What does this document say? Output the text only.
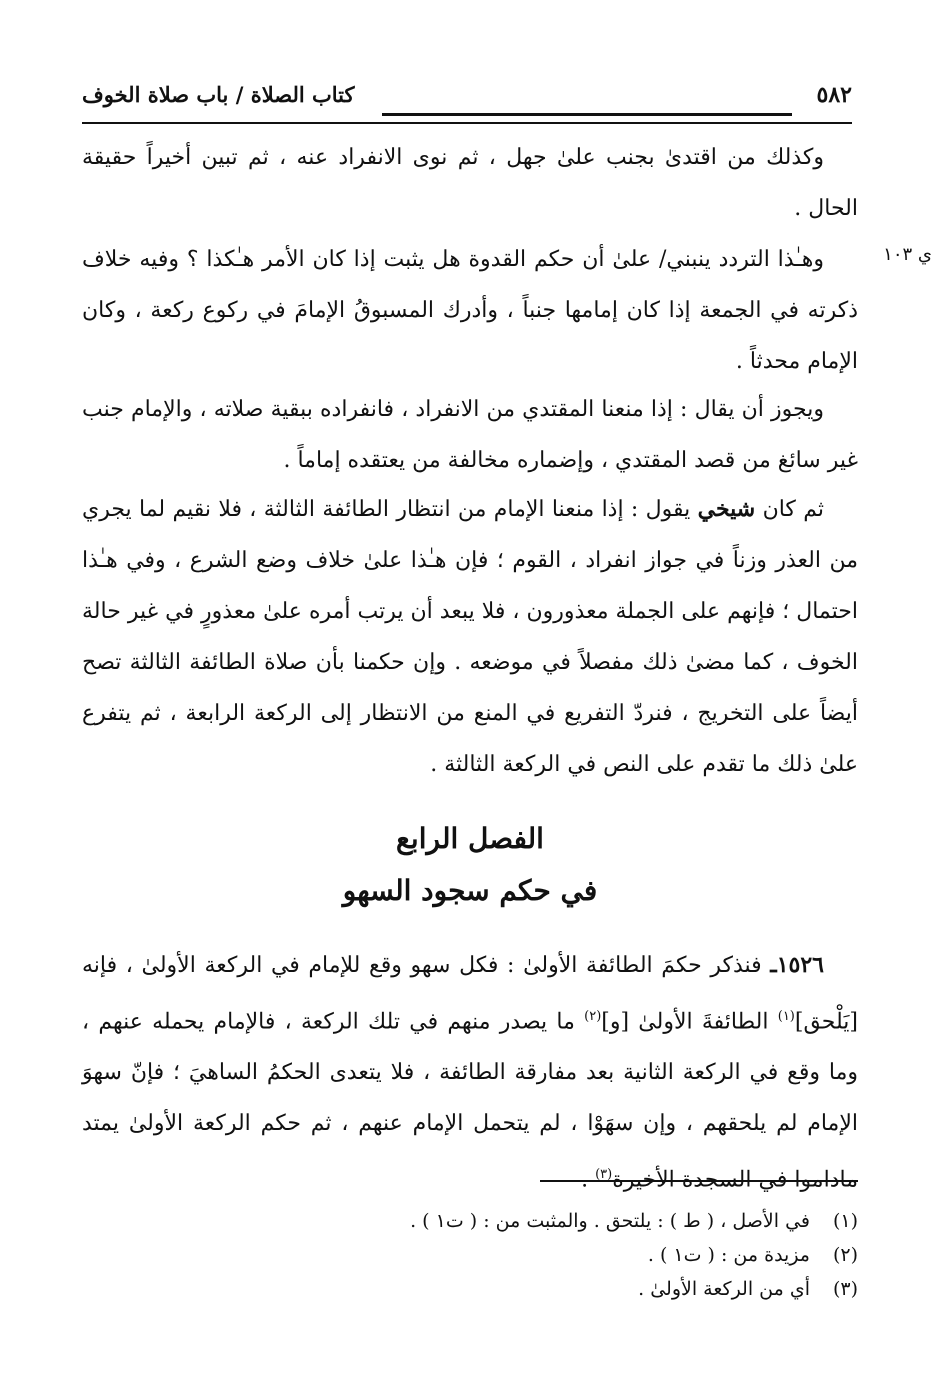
٥٨٢
كتاب الصلاة / باب صلاة الخوف
ي ١٠٣
وكذلك من اقتدىٰ بجنب علىٰ جهل ، ثم نوى الانفراد عنه ، ثم تبين أخيراً حقيقة الحال .
وهـٰذا التردد ينبني/ علىٰ أن حكم القدوة هل يثبت إذا كان الأمر هـٰكذا ؟ وفيه خلاف ذكرته في الجمعة إذا كان إمامها جنباً ، وأدرك المسبوقُ الإمامَ في ركوع ركعة ، وكان الإمام محدثاً .
ويجوز أن يقال : إذا منعنا المقتدي من الانفراد ، فانفراده ببقية صلاته ، والإمام جنب غير سائغ من قصد المقتدي ، وإضماره مخالفة من يعتقده إماماً .
ثم كان شيخي يقول : إذا منعنا الإمام من انتظار الطائفة الثالثة ، فلا نقيم لما يجري من العذر وزناً في جواز انفراد ، القوم ؛ فإن هـٰذا علىٰ خلاف وضع الشرع ، وفي هـٰذا احتمال ؛ فإنهم على الجملة معذورون ، فلا يبعد أن يرتب أمره علىٰ معذورٍ في غير حالة الخوف ، كما مضىٰ ذلك مفصلاً في موضعه . وإن حكمنا بأن صلاة الطائفة الثالثة تصح أيضاً على التخريج ، فنردّ التفريع في المنع من الانتظار إلى الركعة الرابعة ، ثم يتفرع علىٰ ذلك ما تقدم على النص في الركعة الثالثة .
الفصل الرابع
في حكم سجود السهو
١٥٢٦ـ فنذكر حكمَ الطائفة الأولىٰ : فكل سهو وقع للإمام في الركعة الأولىٰ ، فإنه [يَلْحق]$^{(١)}$ الطائفةَ الأولىٰ [و]$^{(٢)}$ ما يصدر منهم في تلك الركعة ، فالإمام يحمله عنهم ، وما وقع في الركعة الثانية بعد مفارقة الطائفة ، فلا يتعدى الحكمُ الساهيَ ؛ فإنّ سهوَ الإمام لم يلحقهم ، وإن سهَوْا ، لم يتحمل الإمام عنهم ، ثم حكم الركعة الأولىٰ يمتد ماداموا في السجدة الأخيرة$^{(٣)}$ .
(١)في الأصل ، ( ط ) : يلتحق . والمثبت من : ( ت١ ) .
(٢)مزيدة من : ( ت١ ) .
(٣)أي من الركعة الأولىٰ .
